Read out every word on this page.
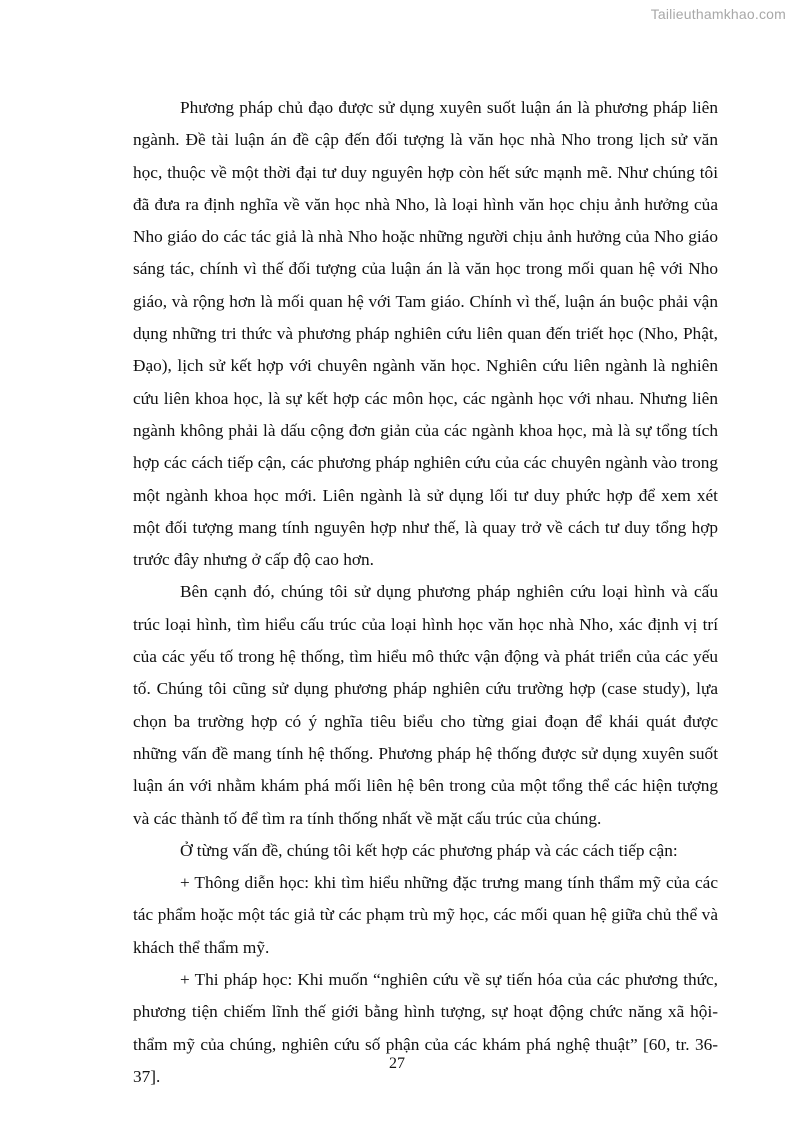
Tailieuthamkhao.com

Phương pháp chủ đạo được sử dụng xuyên suốt luận án là phương pháp liên ngành. Đề tài luận án đề cập đến đối tượng là văn học nhà Nho trong lịch sử văn học, thuộc về một thời đại tư duy nguyên hợp còn hết sức mạnh mẽ. Như chúng tôi đã đưa ra định nghĩa về văn học nhà Nho, là loại hình văn học chịu ảnh hưởng của Nho giáo do các tác giả là nhà Nho hoặc những người chịu ảnh hưởng của Nho giáo sáng tác, chính vì thế đối tượng của luận án là văn học trong mối quan hệ với Nho giáo, và rộng hơn là mối quan hệ với Tam giáo. Chính vì thế, luận án buộc phải vận dụng những tri thức và phương pháp nghiên cứu liên quan đến triết học (Nho, Phật, Đạo), lịch sử kết hợp với chuyên ngành văn học. Nghiên cứu liên ngành là nghiên cứu liên khoa học, là sự kết hợp các môn học, các ngành học với nhau. Nhưng liên ngành không phải là dấu cộng đơn giản của các ngành khoa học, mà là sự tổng tích hợp các cách tiếp cận, các phương pháp nghiên cứu của các chuyên ngành vào trong một ngành khoa học mới. Liên ngành là sử dụng lối tư duy phức hợp để xem xét một đối tượng mang tính nguyên hợp như thế, là quay trở về cách tư duy tổng hợp trước đây nhưng ở cấp độ cao hơn.

Bên cạnh đó, chúng tôi sử dụng phương pháp nghiên cứu loại hình và cấu trúc loại hình, tìm hiểu cấu trúc của loại hình học văn học nhà Nho, xác định vị trí của các yếu tố trong hệ thống, tìm hiểu mô thức vận động và phát triển của các yếu tố. Chúng tôi cũng sử dụng phương pháp nghiên cứu trường hợp (case study), lựa chọn ba trường hợp có ý nghĩa tiêu biểu cho từng giai đoạn để khái quát được những vấn đề mang tính hệ thống. Phương pháp hệ thống được sử dụng xuyên suốt luận án với nhằm khám phá mối liên hệ bên trong của một tổng thể các hiện tượng và các thành tố để tìm ra tính thống nhất về mặt cấu trúc của chúng.

Ở từng vấn đề, chúng tôi kết hợp các phương pháp và các cách tiếp cận:

+ Thông diễn học: khi tìm hiểu những đặc trưng mang tính thẩm mỹ của các tác phẩm hoặc một tác giả từ các phạm trù mỹ học, các mối quan hệ giữa chủ thể và khách thể thẩm mỹ.

+ Thi pháp học: Khi muốn “nghiên cứu về sự tiến hóa của các phương thức, phương tiện chiếm lĩnh thế giới bằng hình tượng, sự hoạt động chức năng xã hội-thẩm mỹ của chúng, nghiên cứu số phận của các khám phá nghệ thuật” [60, tr. 36-37].

27
